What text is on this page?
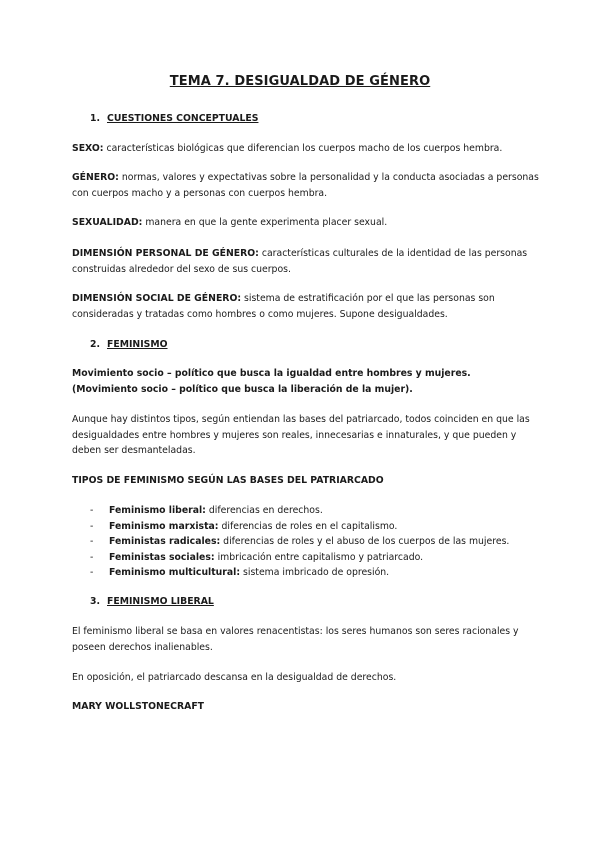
TEMA 7. DESIGUALDAD DE GÉNERO
1. CUESTIONES CONCEPTUALES
SEXO: características biológicas que diferencian los cuerpos macho de los cuerpos hembra.
GÉNERO: normas, valores y expectativas sobre la personalidad y la conducta asociadas a personas con cuerpos macho y a personas con cuerpos hembra.
SEXUALIDAD: manera en que la gente experimenta placer sexual.
DIMENSIÓN PERSONAL DE GÉNERO: características culturales de la identidad de las personas construidas alrededor del sexo de sus cuerpos.
DIMENSIÓN SOCIAL DE GÉNERO: sistema de estratificación por el que las personas son consideradas y tratadas como hombres o como mujeres. Supone desigualdades.
2. FEMINISMO
Movimiento socio – político que busca la igualdad entre hombres y mujeres.
(Movimiento socio – político que busca la liberación de la mujer).
Aunque hay distintos tipos, según entiendan las bases del patriarcado, todos coinciden en que las desigualdades entre hombres y mujeres son reales, innecesarias e innaturales, y que pueden y deben ser desmanteladas.
TIPOS DE FEMINISMO SEGÚN LAS BASES DEL PATRIARCADO
- Feminismo liberal: diferencias en derechos.
- Feminismo marxista: diferencias de roles en el capitalismo.
- Feministas radicales: diferencias de roles y el abuso de los cuerpos de las mujeres.
- Feministas sociales: imbricación entre capitalismo y patriarcado.
- Feminismo multicultural: sistema imbricado de opresión.
3. FEMINISMO LIBERAL
El feminismo liberal se basa en valores renacentistas: los seres humanos son seres racionales y poseen derechos inalienables.
En oposición, el patriarcado descansa en la desigualdad de derechos.
MARY WOLLSTONECRAFT
